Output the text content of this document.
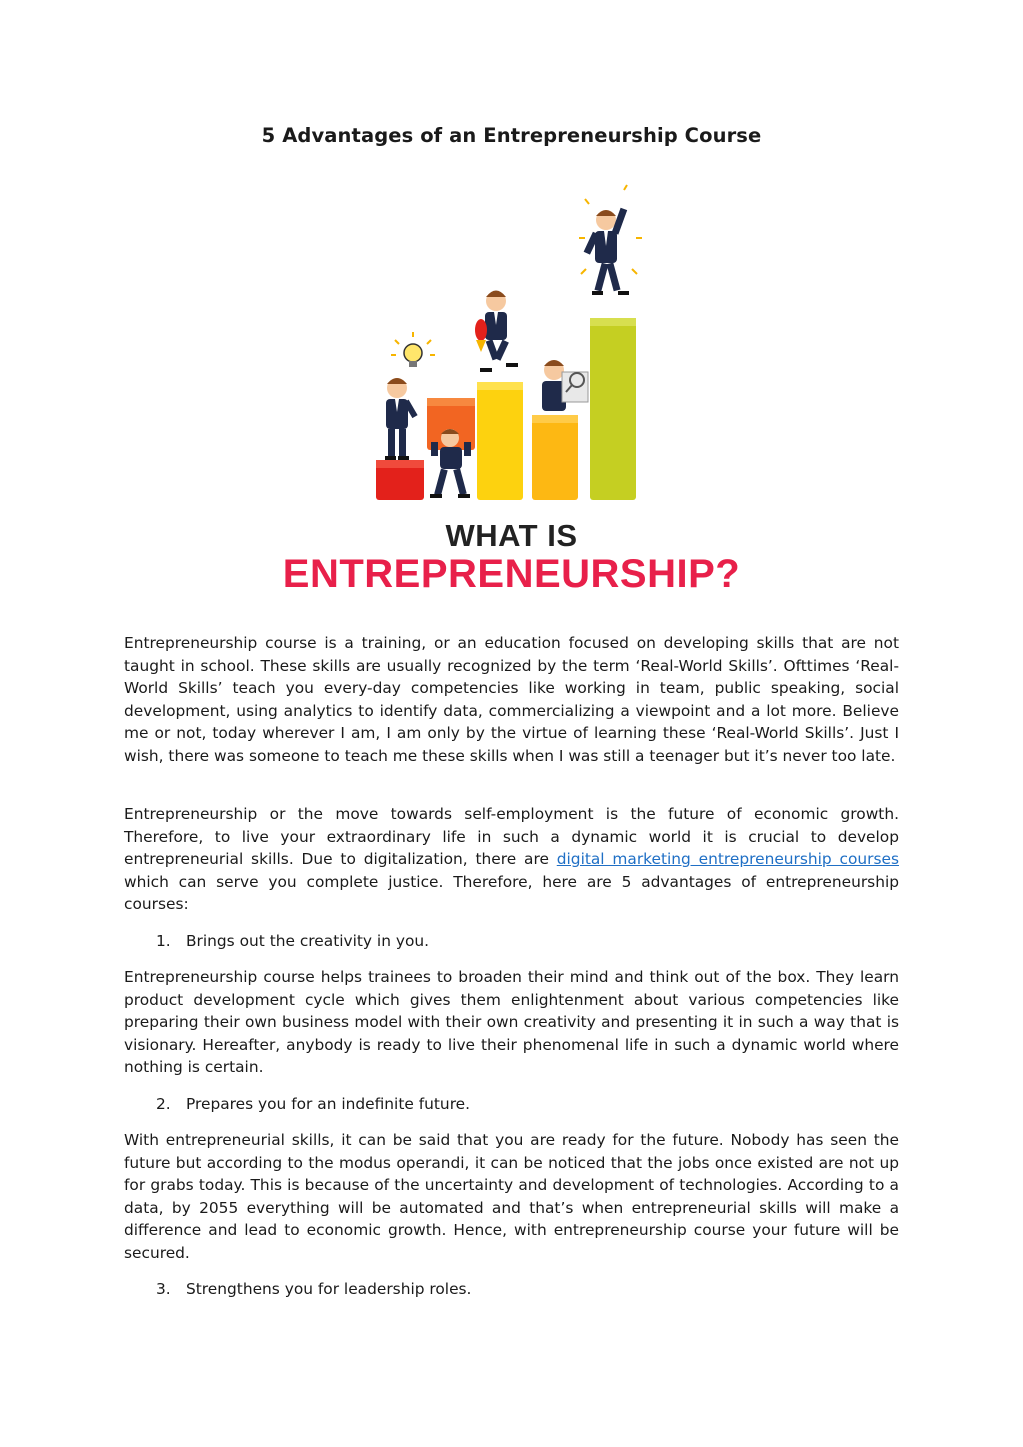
5 Advantages of an Entrepreneurship Course
WHAT IS
ENTREPRENEURSHIP?

Entrepreneurship course is a training, or an education focused on developing skills that are not taught in school. These skills are usually recognized by the term ‘Real-World Skills’. Ofttimes ‘Real-World Skills’ teach you every-day competencies like working in team, public speaking, social development, using analytics to identify data, commercializing a viewpoint and a lot more. Believe me or not, today wherever I am, I am only by the virtue of learning these ‘Real-World Skills’. Just I wish, there was someone to teach me these skills when I was still a teenager but it’s never too late.

Entrepreneurship or the move towards self-employment is the future of economic growth. Therefore, to live your extraordinary life in such a dynamic world it is crucial to develop entrepreneurial skills. Due to digitalization, there are digital marketing entrepreneurship courses which can serve you complete justice. Therefore, here are 5 advantages of entrepreneurship courses:

1. Brings out the creativity in you.

Entrepreneurship course helps trainees to broaden their mind and think out of the box. They learn product development cycle which gives them enlightenment about various competencies like preparing their own business model with their own creativity and presenting it in such a way that is visionary. Hereafter, anybody is ready to live their phenomenal life in such a dynamic world where nothing is certain.

2. Prepares you for an indefinite future.

With entrepreneurial skills, it can be said that you are ready for the future. Nobody has seen the future but according to the modus operandi, it can be noticed that the jobs once existed are not up for grabs today. This is because of the uncertainty and development of technologies. According to a data, by 2055 everything will be automated and that’s when entrepreneurial skills will make a difference and lead to economic growth. Hence, with entrepreneurship course your future will be secured.

3. Strengthens you for leadership roles.
